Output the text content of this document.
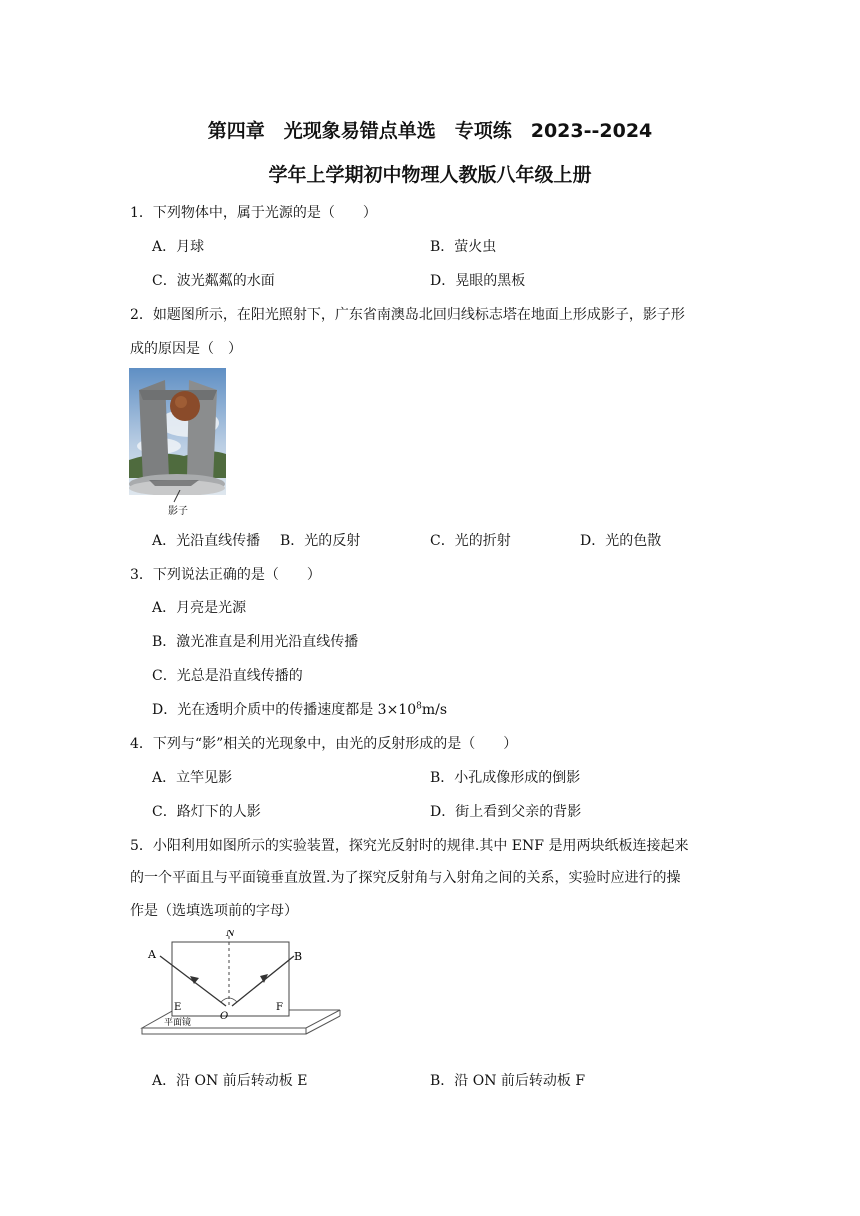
第四章　光现象易错点单选　专项练　2023--2024
学年上学期初中物理人教版八年级上册
1．下列物体中，属于光源的是（　　）
A．月球	B．萤火虫
C．波光粼粼的水面	D．晃眼的黑板
2．如题图所示，在阳光照射下，广东省南澳岛北回归线标志塔在地面上形成影子，影子形
成的原因是（　）
影子
A．光沿直线传播 B．光的反射	C．光的折射	D．光的色散
3．下列说法正确的是（　　）
A．月亮是光源
B．激光准直是利用光沿直线传播
C．光总是沿直线传播的
D．光在透明介质中的传播速度都是 $3\times 10^8m/s$
4．下列与“影”相关的光现象中，由光的反射形成的是（　　）
A．立竿见影	B．小孔成像形成的倒影
C．路灯下的人影	D．街上看到父亲的背影
5．小阳利用如图所示的实验装置，探究光反射时的规律.其中 ENF 是用两块纸板连接起来
的一个平面且与平面镜垂直放置.为了探究反射角与入射角之间的关系，实验时应进行的操
作是（选填选项前的字母）
N
A	B
E	F
O
平面镜
A．沿 ON 前后转动板 E	B．沿 ON 前后转动板 F
